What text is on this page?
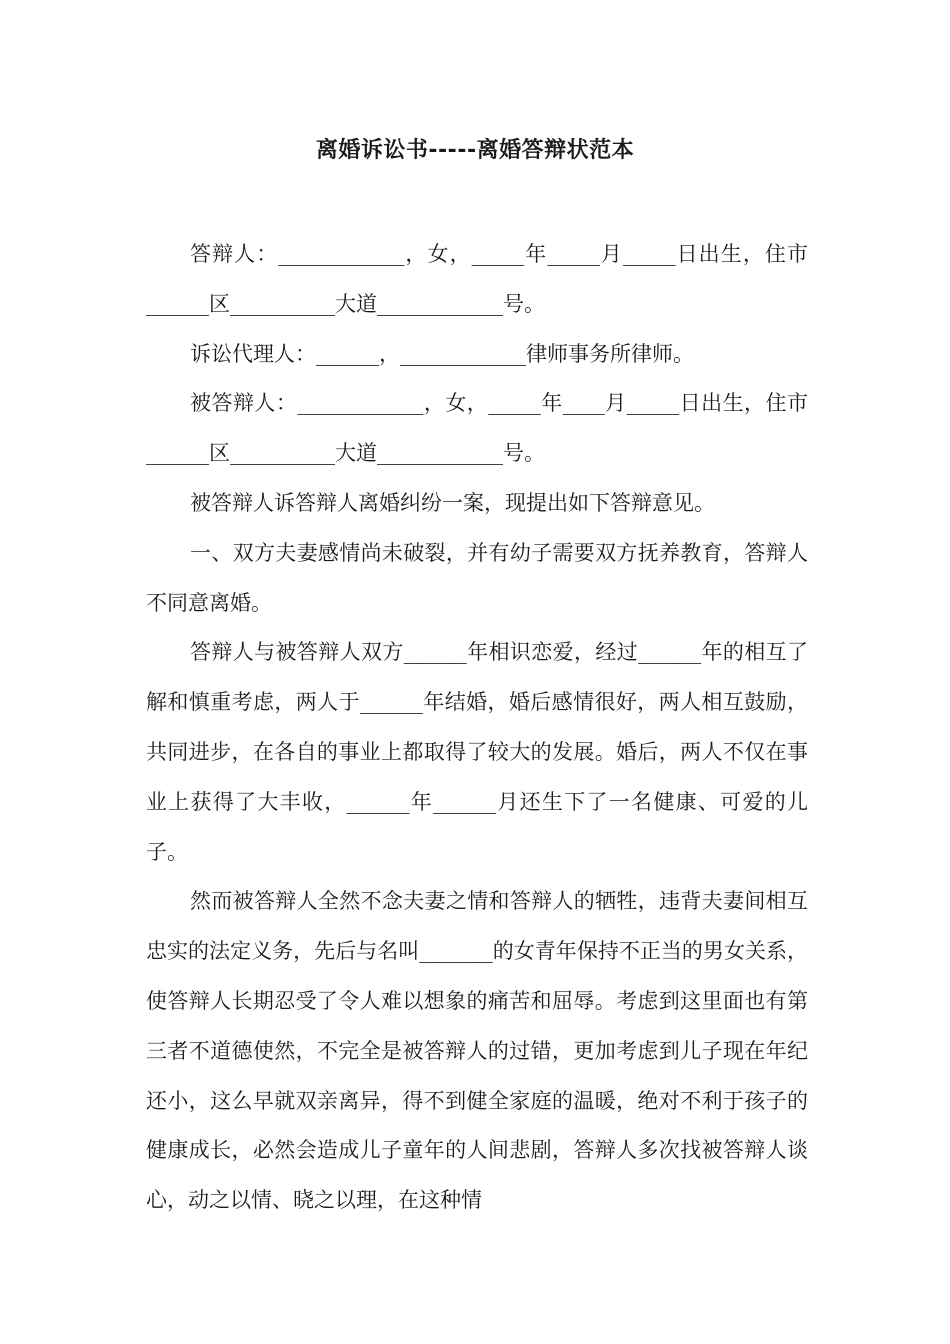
离婚诉讼书-----离婚答辩状范本

答辩人：____________，女，_____年_____月_____日出生，住市______区__________大道____________号。

诉讼代理人：______，____________律师事务所律师。

被答辩人：____________，女，_____年____月_____日出生，住市______区__________大道____________号。

被答辩人诉答辩人离婚纠纷一案，现提出如下答辩意见。

一、双方夫妻感情尚未破裂，并有幼子需要双方抚养教育，答辩人不同意离婚。

答辩人与被答辩人双方______年相识恋爱，经过______年的相互了解和慎重考虑，两人于______年结婚，婚后感情很好，两人相互鼓励，共同进步，在各自的事业上都取得了较大的发展。婚后，两人不仅在事业上获得了大丰收，______年______月还生下了一名健康、可爱的儿子。

然而被答辩人全然不念夫妻之情和答辩人的牺牲，违背夫妻间相互忠实的法定义务，先后与名叫_______的女青年保持不正当的男女关系，使答辩人长期忍受了令人难以想象的痛苦和屈辱。考虑到这里面也有第三者不道德使然，不完全是被答辩人的过错，更加考虑到儿子现在年纪还小，这么早就双亲离异，得不到健全家庭的温暖，绝对不利于孩子的健康成长，必然会造成儿子童年的人间悲剧，答辩人多次找被答辩人谈心，动之以情、晓之以理，在这种情
